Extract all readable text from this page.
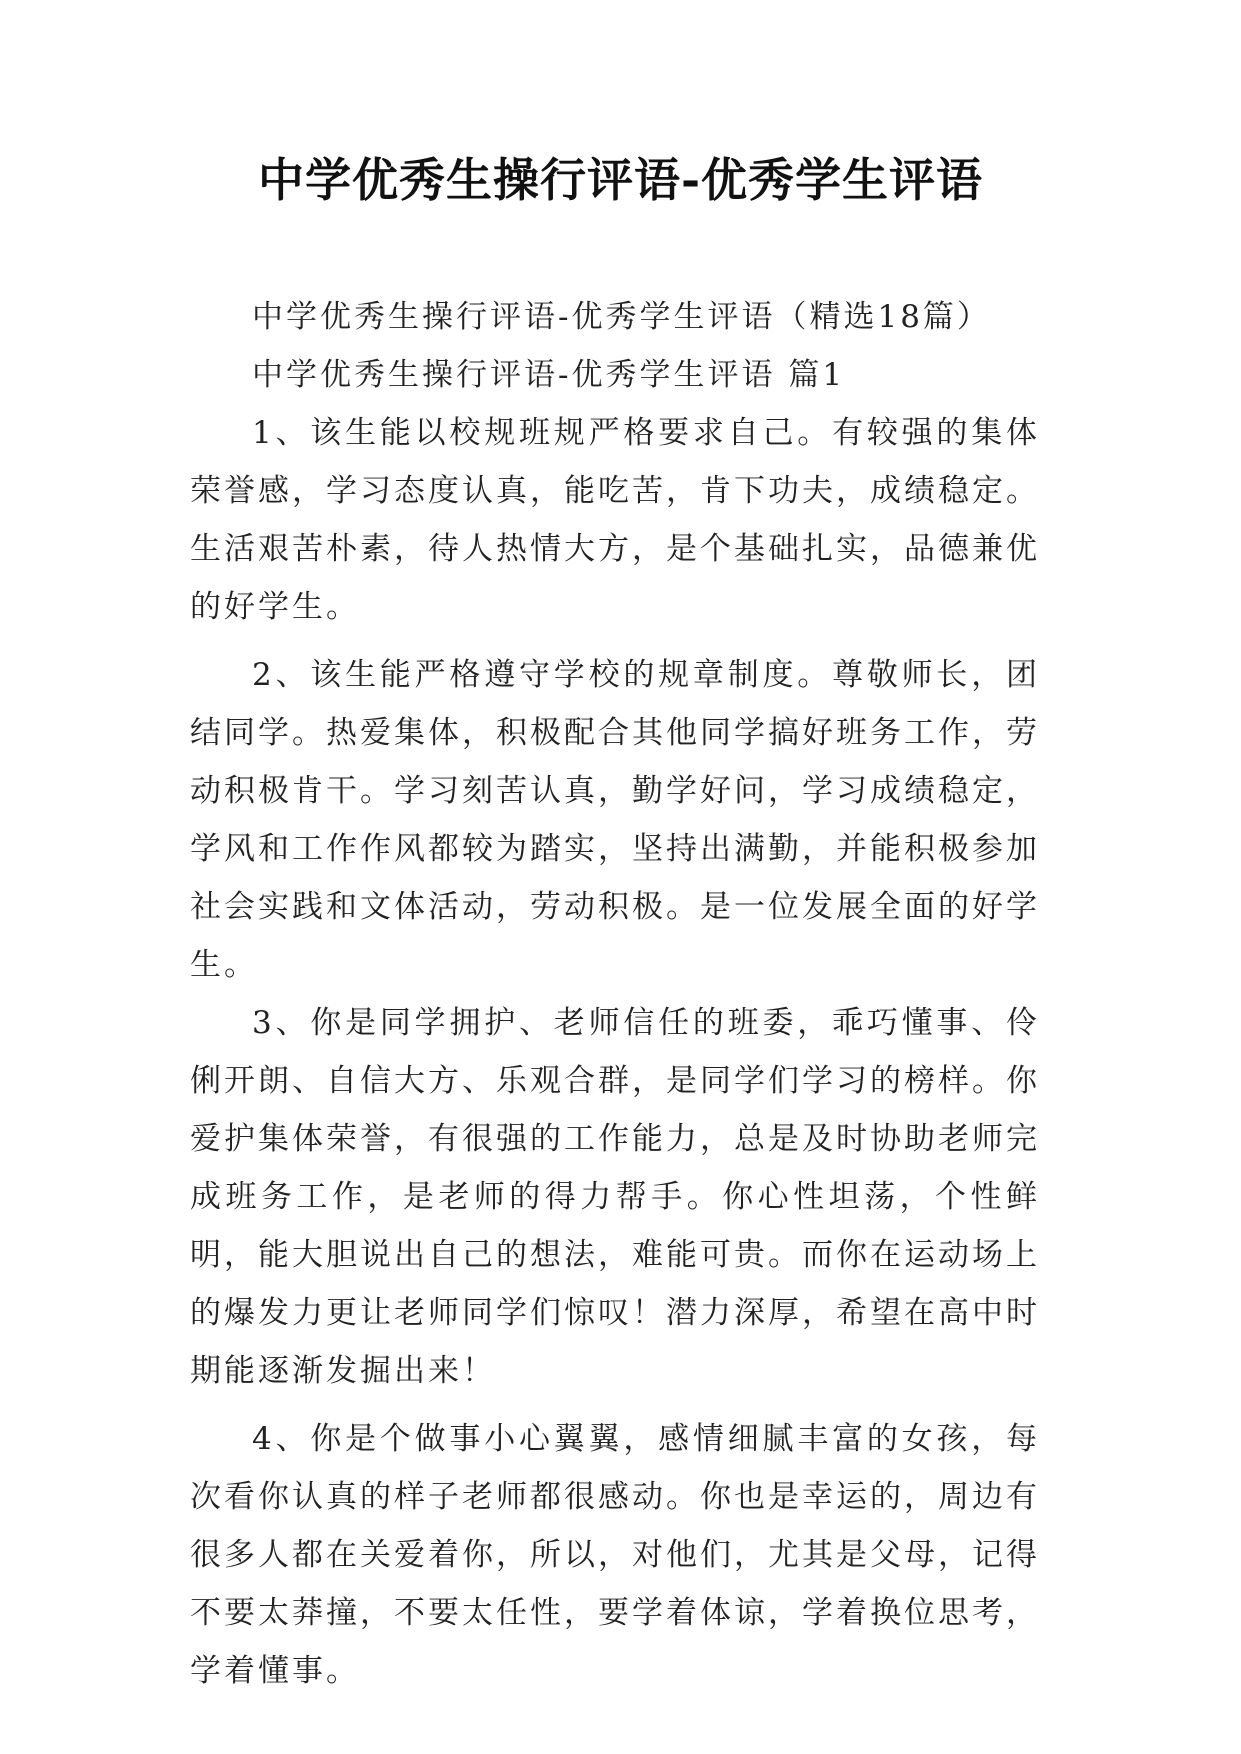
中学优秀生操行评语-优秀学生评语

中学优秀生操行评语-优秀学生评语（精选18篇）

中学优秀生操行评语-优秀学生评语 篇1

1、该生能以校规班规严格要求自己。有较强的集体荣誉感，学习态度认真，能吃苦，肯下功夫，成绩稳定。生活艰苦朴素，待人热情大方，是个基础扎实，品德兼优的好学生。

2、该生能严格遵守学校的规章制度。尊敬师长，团结同学。热爱集体，积极配合其他同学搞好班务工作，劳动积极肯干。学习刻苦认真，勤学好问，学习成绩稳定，学风和工作作风都较为踏实，坚持出满勤，并能积极参加社会实践和文体活动，劳动积极。是一位发展全面的好学生。

3、你是同学拥护、老师信任的班委，乖巧懂事、伶俐开朗、自信大方、乐观合群，是同学们学习的榜样。你爱护集体荣誉，有很强的工作能力，总是及时协助老师完成班务工作，是老师的得力帮手。你心性坦荡，个性鲜明，能大胆说出自己的想法，难能可贵。而你在运动场上的爆发力更让老师同学们惊叹！潜力深厚，希望在高中时期能逐渐发掘出来！

4、你是个做事小心翼翼，感情细腻丰富的女孩，每次看你认真的样子老师都很感动。你也是幸运的，周边有很多人都在关爱着你，所以，对他们，尤其是父母，记得不要太莽撞，不要太任性，要学着体谅，学着换位思考，学着懂事。
